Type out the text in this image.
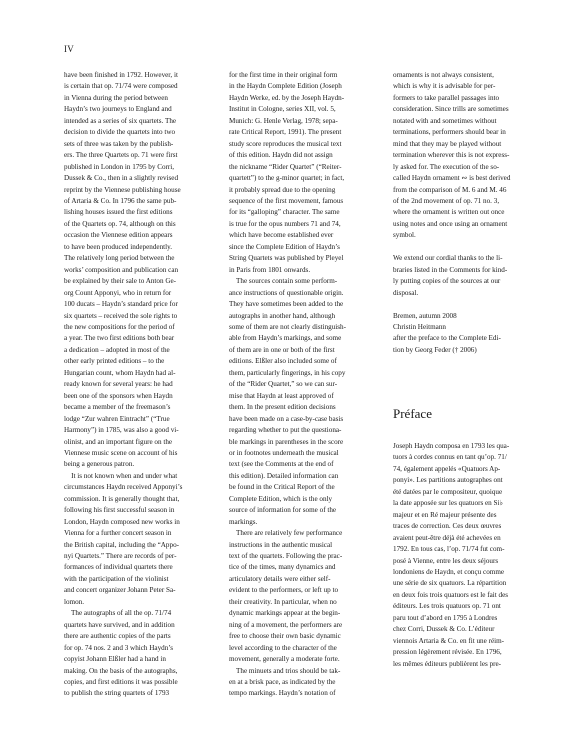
IV

have been finished in 1792. However, it

is certain that op. 71/74 were composed

in Vienna during the period between

Haydn’s two journeys to England and

intended as a series of six quartets. The

decision to divide the quartets into two

sets of three was taken by the publish-

ers. The three Quartets op. 71 were first

published in London in 1795 by Corri,

Dussek & Co., then in a slightly revised

reprint by the Viennese publishing house

of Artaria & Co. In 1796 the same pub-

lishing houses issued the first editions

of the Quartets op. 74, although on this

occasion the Viennese edition appears

to have been produced independently.

The relatively long period between the

works’ composition and publication can

be explained by their sale to Anton Ge-

org Count Apponyi, who in return for

100 ducats – Haydn’s standard price for

six quartets – received the sole rights to

the new compositions for the period of

a year. The two first editions both bear

a dedication – adopted in most of the

other early printed editions – to the

Hungarian count, whom Haydn had al-

ready known for several years: he had

been one of the sponsors when Haydn

became a member of the freemason’s

lodge “Zur wahren Eintracht” (“True

Harmony”) in 1785, was also a good vi-

olinist, and an important figure on the

Viennese music scene on account of his

being a generous patron.

It is not known when and under what

circumstances Haydn received Apponyi’s

commission. It is generally thought that,

following his first successful season in

London, Haydn composed new works in

Vienna for a further concert season in

the British capital, including the “Appo-

nyi Quartets.” There are records of per-

formances of individual quartets there

with the participation of the violinist

and concert organizer Johann Peter Sa-

lomon.

The autographs of all the op. 71/74

quartets have survived, and in addition

there are authentic copies of the parts

for op. 74 nos. 2 and 3 which Haydn’s

copyist Johann Elßler had a hand in

making. On the basis of the autographs,

copies, and first editions it was possible

to publish the string quartets of 1793

for the first time in their original form

in the Haydn Complete Edition (Joseph

Haydn Werke, ed. by the Joseph Haydn-

Institut in Cologne, series XII, vol. 5,

Munich: G. Henle Verlag, 1978; sepa-

rate Critical Report, 1991). The present

study score reproduces the musical text

of this edition. Haydn did not assign

the nickname “Rider Quartet” (“Reiter-

quartett”) to the g-minor quartet; in fact,

it probably spread due to the opening

sequence of the first movement, famous

for its “galloping” character. The same

is true for the opus numbers 71 and 74,

which have become established ever

since the Complete Edition of Haydn’s

String Quartets was published by Pleyel

in Paris from 1801 onwards.

The sources contain some perform-

ance instructions of questionable origin.

They have sometimes been added to the

autographs in another hand, although

some of them are not clearly distinguish-

able from Haydn’s markings, and some

of them are in one or both of the first

editions. Elßler also included some of

them, particularly fingerings, in his copy

of the “Rider Quartet,” so we can sur-

mise that Haydn at least approved of

them. In the present edition decisions

have been made on a case-by-case basis

regarding whether to put the questiona-

ble markings in parentheses in the score

or in footnotes underneath the musical

text (see the Comments at the end of

this edition). Detailed information can

be found in the Critical Report of the

Complete Edition, which is the only

source of information for some of the

markings.

There are relatively few performance

instructions in the authentic musical

text of the quartets. Following the prac-

tice of the times, many dynamics and

articulatory details were either self-

evident to the performers, or left up to

their creativity. In particular, when no

dynamic markings appear at the begin-

ning of a movement, the performers are

free to choose their own basic dynamic

level according to the character of the

movement, generally a moderate forte.

The minuets and trios should be tak-

en at a brisk pace, as indicated by the

tempo markings. Haydn’s notation of

ornaments is not always consistent,

which is why it is advisable for per-

formers to take parallel passages into

consideration. Since trills are sometimes

notated with and sometimes without

terminations, performers should bear in

mind that they may be played without

termination wherever this is not express-

ly asked for. The execution of the so-

called Haydn ornament ∾ is best derived

from the comparison of M. 6 and M. 46

of the 2nd movement of op. 71 no. 3,

where the ornament is written out once

using notes and once using an ornament

symbol.

We extend our cordial thanks to the li-

braries listed in the Comments for kind-

ly putting copies of the sources at our

disposal.

Bremen, autumn 2008

Christin Heitmann

after the preface to the Complete Edi-

tion by Georg Feder († 2006)

Préface

Joseph Haydn composa en 1793 les qua-

tuors à cordes connus en tant qu’op. 71/

74, également appelés «Quatuors Ap-

ponyi». Les partitions autographes ont

été datées par le compositeur, quoique

la date apposée sur les quatuors en Si♭

majeur et en Ré majeur présente des

traces de correction. Ces deux œuvres

avaient peut-être déjà été achevées en

1792. En tous cas, l’op. 71/74 fut com-

posé à Vienne, entre les deux séjours

londoniens de Haydn, et conçu comme

une série de six quatuors. La répartition

en deux fois trois quatuors est le fait des

éditeurs. Les trois quatuors op. 71 ont

paru tout d’abord en 1795 à Londres

chez Corri, Dussek & Co. L’éditeur

viennois Artaria & Co. en fit une réim-

pression légèrement révisée. En 1796,

les mêmes éditeurs publièrent les pre-
